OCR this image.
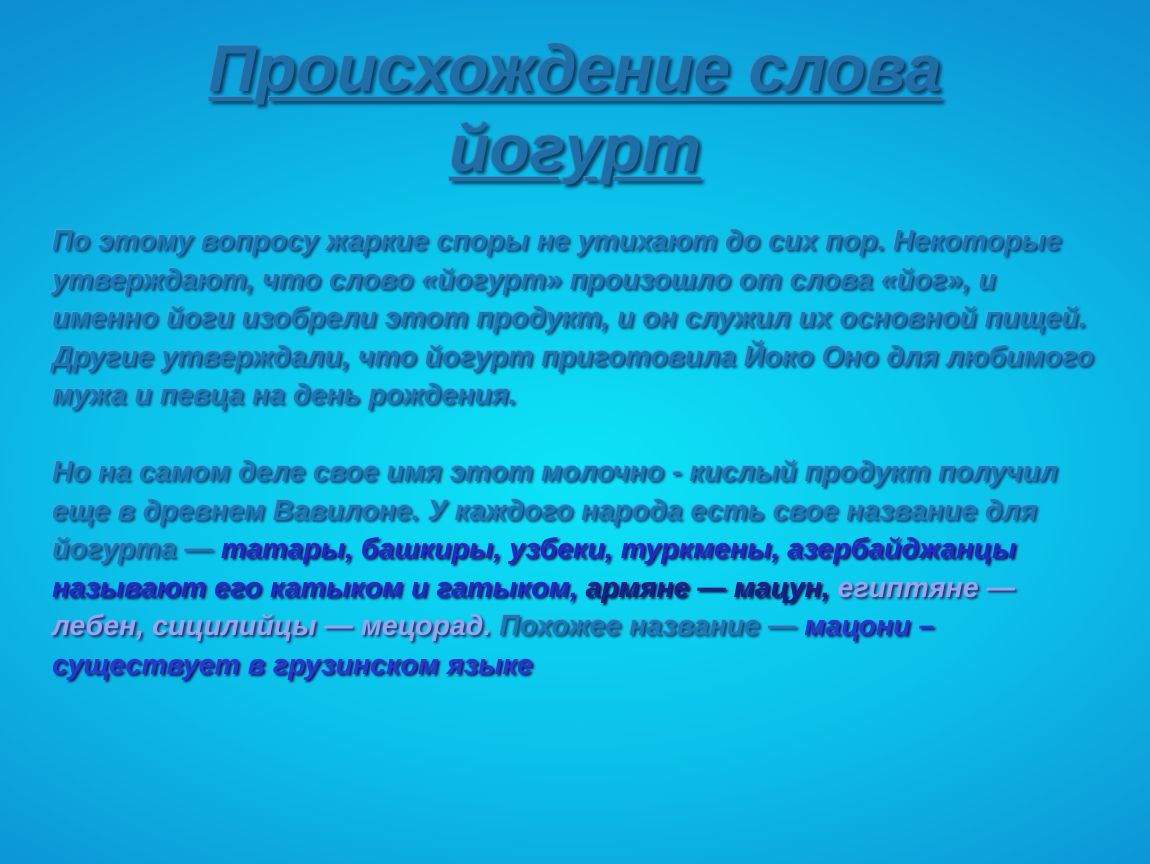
Происхождение слова
йогурт

По этому вопросу жаркие споры не утихают до сих пор. Некоторые утверждают, что слово «йогурт» произошло от слова «йог», и именно йоги изобрели этот продукт, и он служил их основной пищей. Другие утверждали, что йогурт приготовила Йоко Оно для любимого мужа и певца на день рождения.

Но на самом деле свое имя этот молочно - кислый продукт получил еще в древнем Вавилоне. У каждого народа есть свое название для йогурта — татары, башкиры, узбеки, туркмены, азербайджанцы называют его катыком и гатыком, армяне — мацун, египтяне — лебен, сицилийцы — мецорад. Похожее название — мацони – существует в грузинском языке
